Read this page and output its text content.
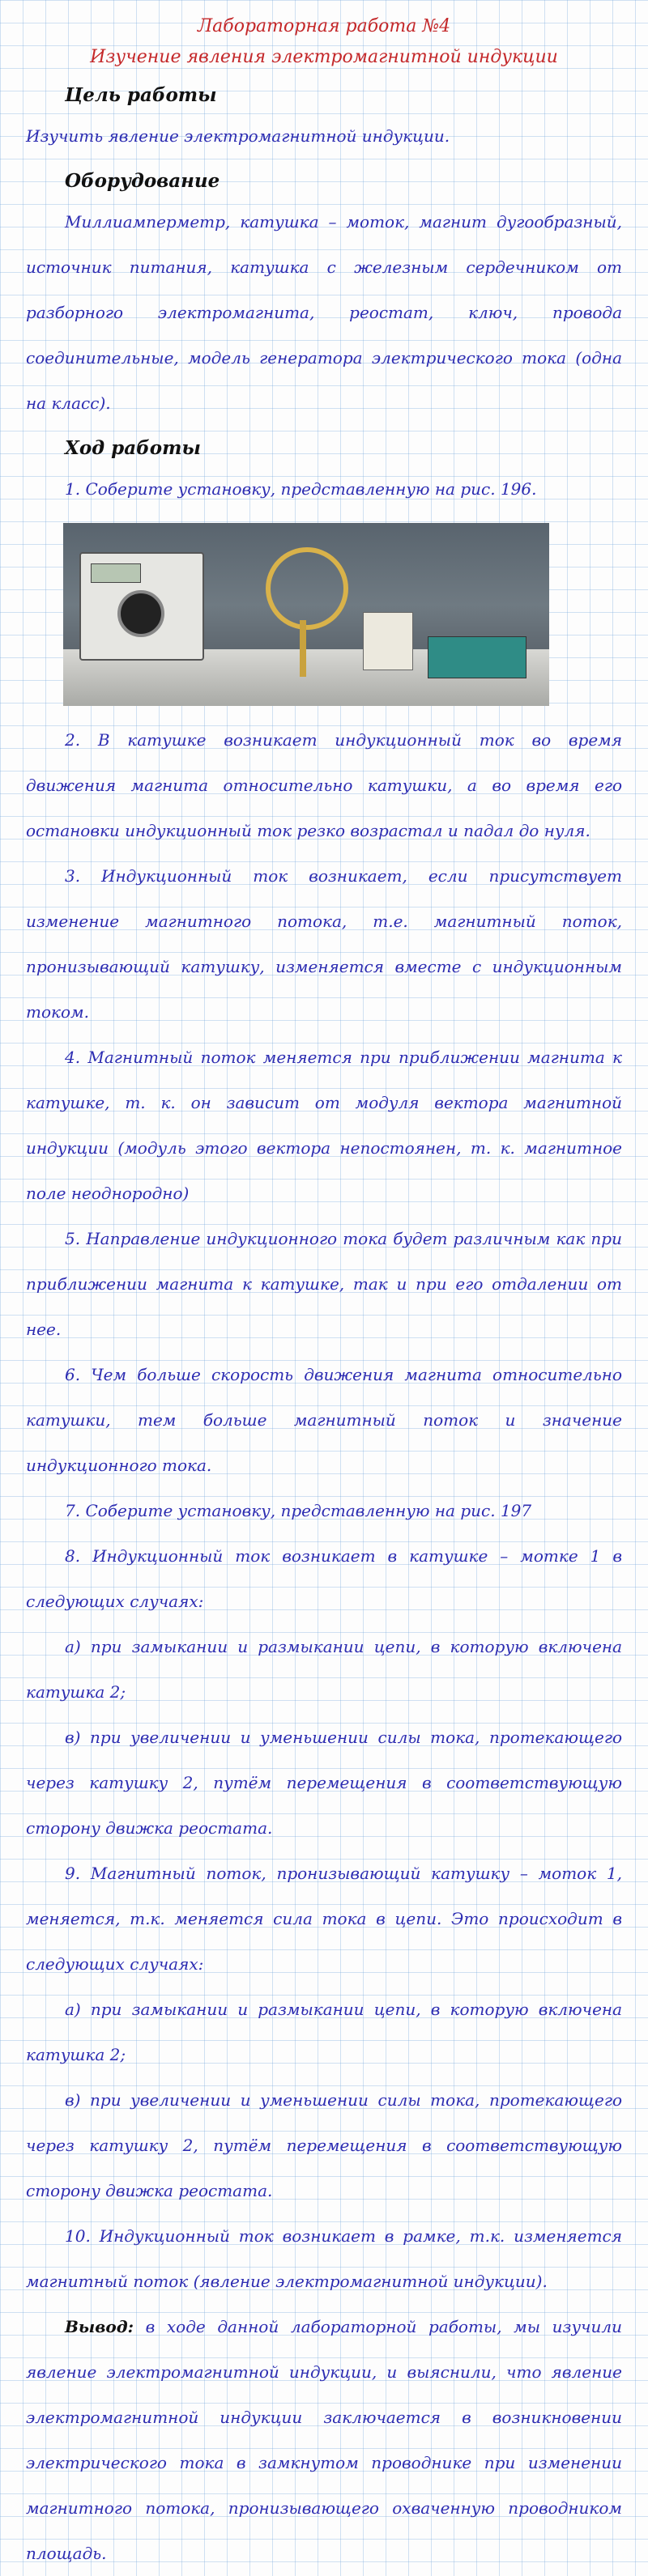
Лабораторная работа №4

Изучение явления электромагнитной индукции

Цель работы

Изучить явление электромагнитной индукции.

Оборудование

Миллиамперметр, катушка – моток, магнит дугообразный, источник питания, катушка с железным сердечником от разборного электромагнита, реостат, ключ, провода соединительные, модель генератора электрического тока (одна на класс).

Ход работы

1. Соберите установку, представленную на рис. 196.

2. В катушке возникает индукционный ток во время движения магнита относительно катушки, а во время его остановки индукционный ток резко возрастал и падал до нуля.

3. Индукционный ток возникает, если присутствует изменение магнитного потока, т.е. магнитный поток, пронизывающий катушку, изменяется вместе с индукционным током.

4. Магнитный поток меняется при приближении магнита к катушке, т. к. он зависит от модуля вектора магнитной индукции (модуль этого вектора непостоянен, т. к. магнитное поле неоднородно)

5. Направление индукционного тока будет различным как при приближении магнита к катушке, так и при его отдалении от нее.

6. Чем больше скорость движения магнита относительно катушки, тем больше магнитный поток и значение индукционного тока.

7. Соберите установку, представленную на рис. 197

8. Индукционный ток возникает в катушке – мотке 1 в следующих случаях:

а) при замыкании и размыкании цепи, в которую включена катушка 2;

в) при увеличении и уменьшении силы тока, протекающего через катушку 2, путём перемещения в соответствующую сторону движка реостата.

9. Магнитный поток, пронизывающий катушку – моток 1, меняется, т.к. меняется сила тока в цепи. Это происходит в следующих случаях:

а) при замыкании и размыкании цепи, в которую включена катушка 2;

в) при увеличении и уменьшении силы тока, протекающего через катушку 2, путём перемещения в соответствующую сторону движка реостата.

10. Индукционный ток возникает в рамке, т.к. изменяется магнитный поток (явление электромагнитной индукции).

Вывод: в ходе данной лабораторной работы, мы изучили явление электромагнитной индукции, и выяснили, что явление электромагнитной индукции заключается в возникновении электрического тока в замкнутом проводнике при изменении магнитного потока, пронизывающего охваченную проводником площадь.
